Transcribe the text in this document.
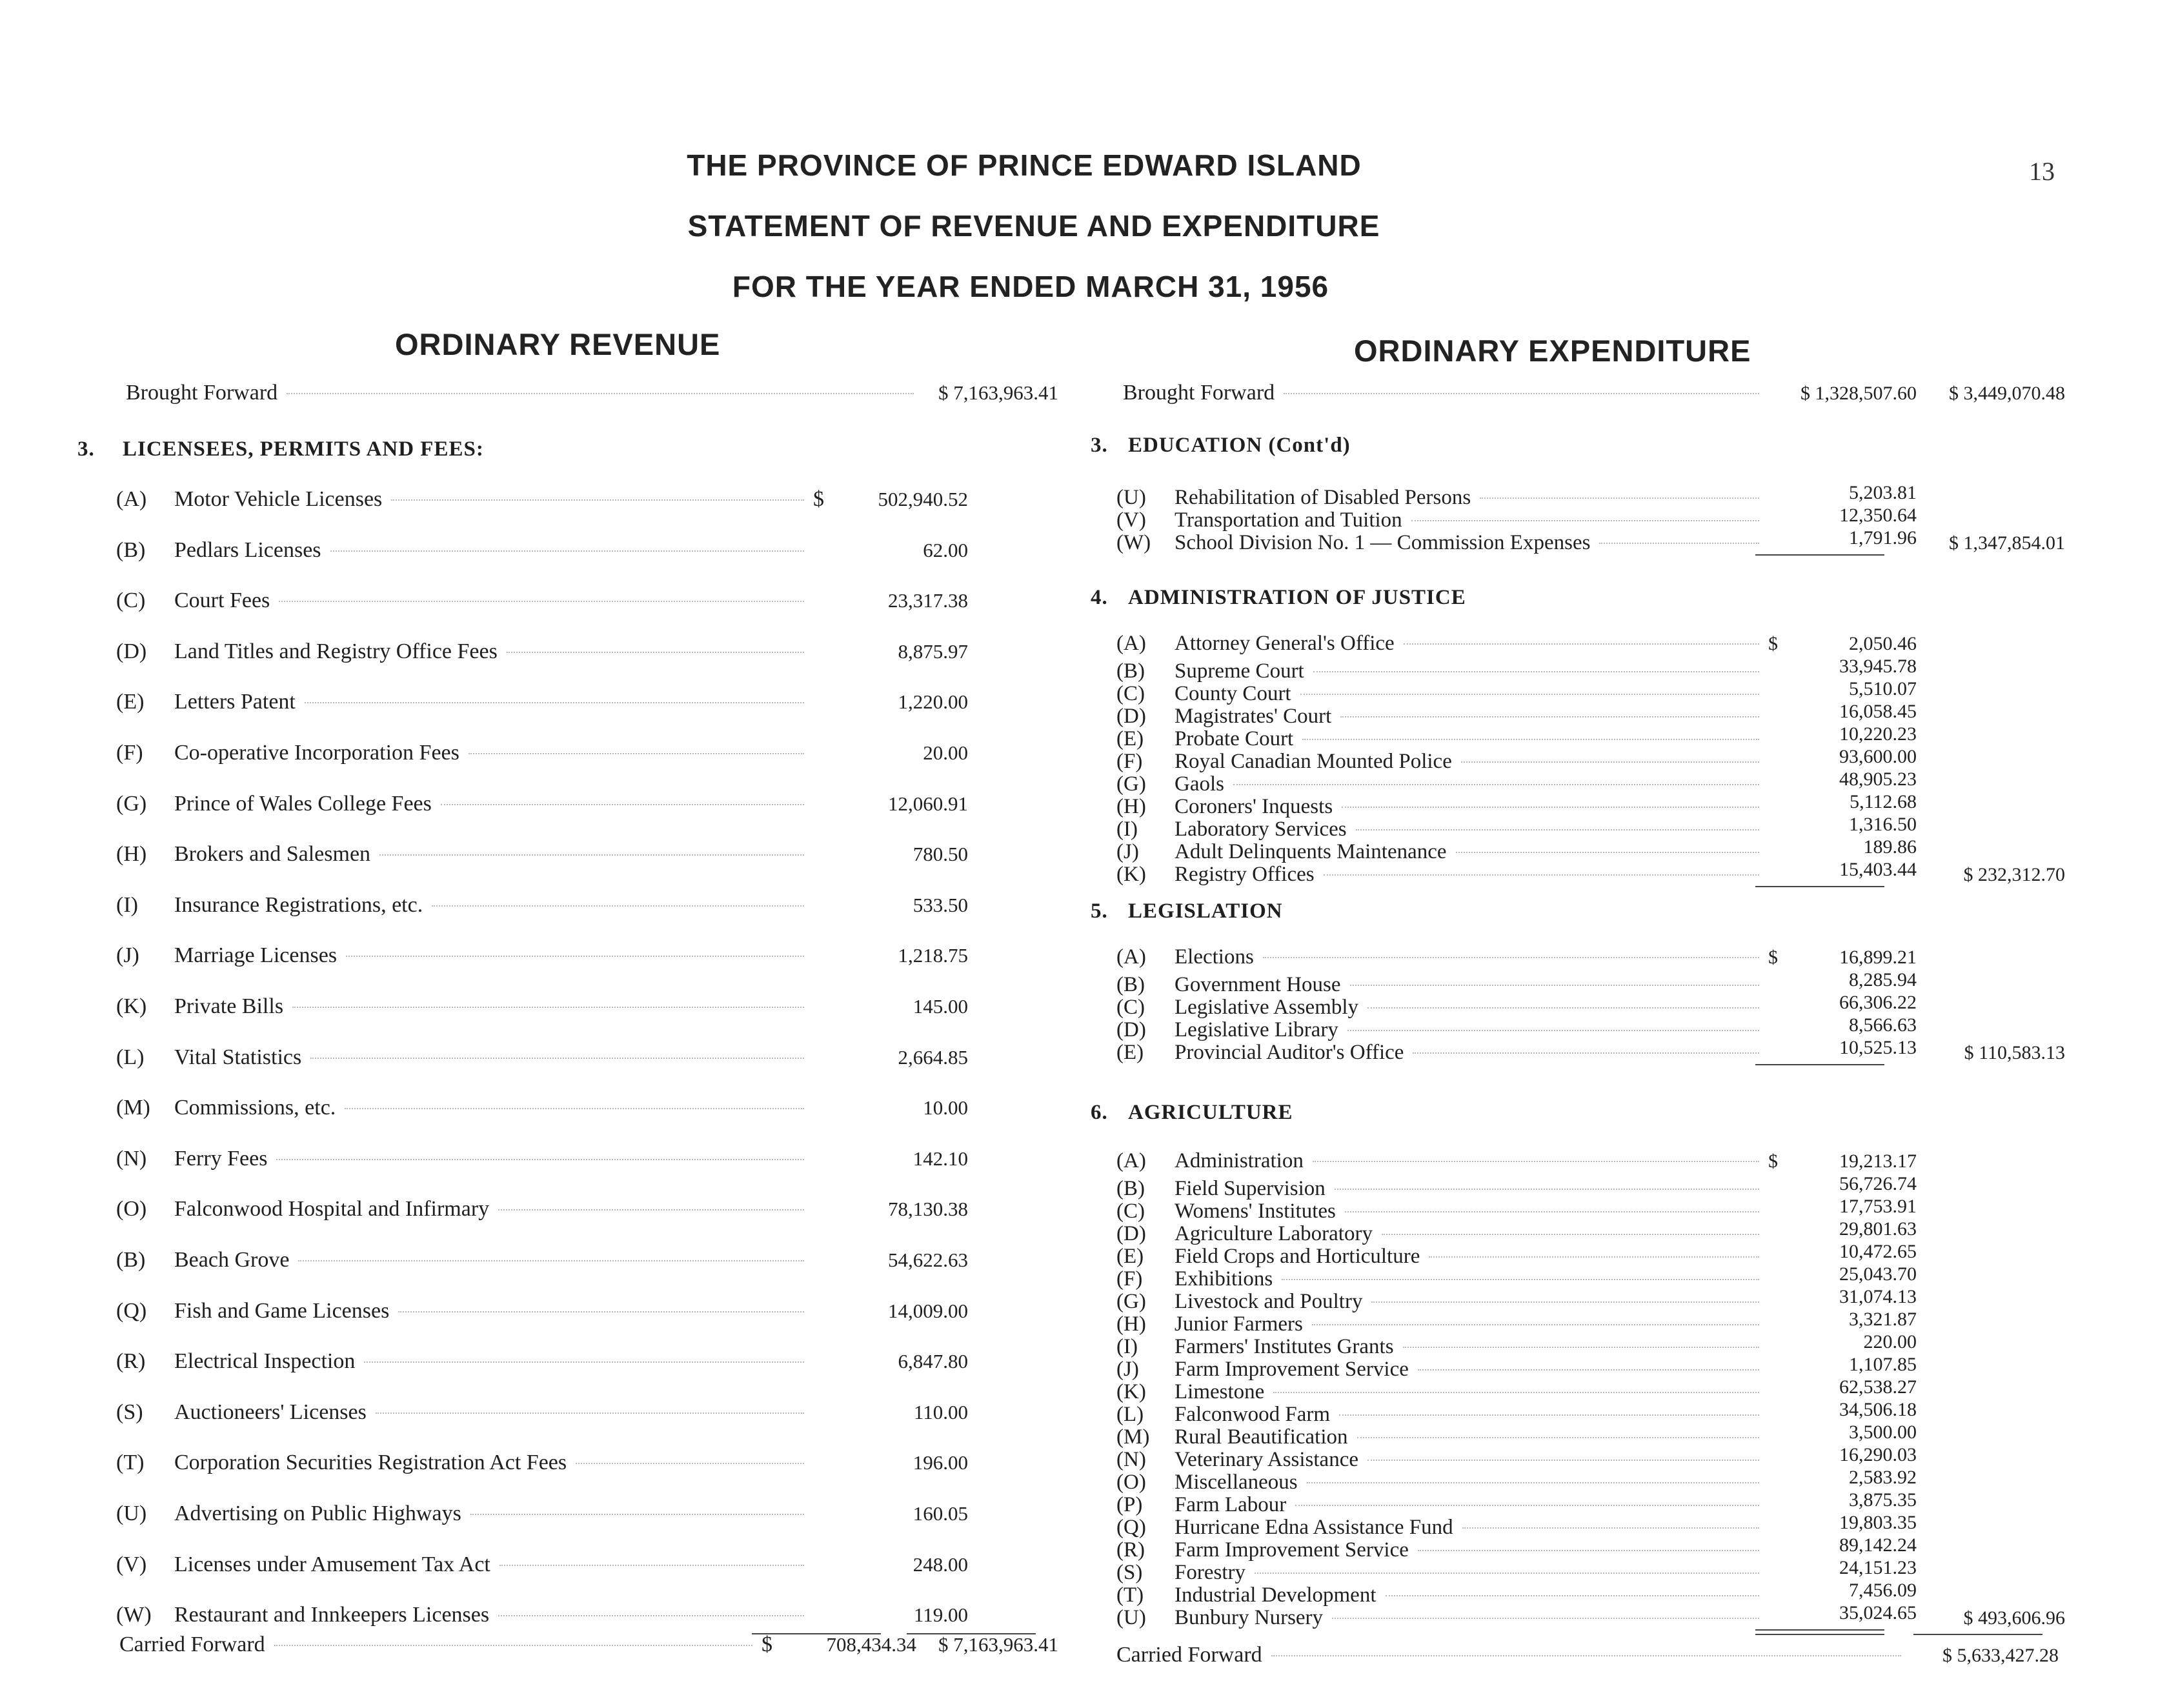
13
THE PROVINCE OF PRINCE EDWARD ISLAND
STATEMENT OF REVENUE AND EXPENDITURE
FOR THE YEAR ENDED MARCH 31, 1956
ORDINARY REVENUE	ORDINARY EXPENDITURE
Brought Forward	$ 7,163,963.41
3.	LICENSEES, PERMITS AND FEES:
(A)	Motor Vehicle Licenses	$	502,940.52
(B)	Pedlars Licenses	62.00
(C)	Court Fees	23,317.38
(D)	Land Titles and Registry Office Fees	8,875.97
(E)	Letters Patent	1,220.00
(F)	Co-operative Incorporation Fees	20.00
(G)	Prince of Wales College Fees	12,060.91
(H)	Brokers and Salesmen	780.50
(I)	Insurance Registrations, etc.	533.50
(J)	Marriage Licenses	1,218.75
(K)	Private Bills	145.00
(L)	Vital Statistics	2,664.85
(M)	Commissions, etc.	10.00
(N)	Ferry Fees	142.10
(O)	Falconwood Hospital and Infirmary	78,130.38
(B)	Beach Grove	54,622.63
(Q)	Fish and Game Licenses	14,009.00
(R)	Electrical Inspection	6,847.80
(S)	Auctioneers' Licenses	110.00
(T)	Corporation Securities Registration Act Fees	196.00
(U)	Advertising on Public Highways	160.05
(V)	Licenses under Amusement Tax Act	248.00
(W)	Restaurant and Innkeepers Licenses	119.00
Carried Forward	$	708,434.34	$ 7,163,963.41
Brought Forward	$ 1,328,507.60	$ 3,449,070.48
3. EDUCATION (Cont'd)
(U)	Rehabilitation of Disabled Persons	5,203.81
(V)	Transportation and Tuition	12,350.64
(W)	School Division No. 1 — Commission Expenses	1,791.96	$ 1,347,854.01
4. ADMINISTRATION OF JUSTICE
(A)	Attorney General's Office	$	2,050.46
(B)	Supreme Court	33,945.78
(C)	County Court	5,510.07
(D)	Magistrates' Court	16,058.45
(E)	Probate Court	10,220.23
(F)	Royal Canadian Mounted Police	93,600.00
(G)	Gaols	48,905.23
(H)	Coroners' Inquests	5,112.68
(I)	Laboratory Services	1,316.50
(J)	Adult Delinquents Maintenance	189.86
(K)	Registry Offices	15,403.44	$ 232,312.70
5. LEGISLATION
(A)	Elections	$	16,899.21
(B)	Government House	8,285.94
(C)	Legislative Assembly	66,306.22
(D)	Legislative Library	8,566.63
(E)	Provincial Auditor's Office	10,525.13	$ 110,583.13
6. AGRICULTURE
(A)	Administration	$	19,213.17
(B)	Field Supervision	56,726.74
(C)	Womens' Institutes	17,753.91
(D)	Agriculture Laboratory	29,801.63
(E)	Field Crops and Horticulture	10,472.65
(F)	Exhibitions	25,043.70
(G)	Livestock and Poultry	31,074.13
(H)	Junior Farmers	3,321.87
(I)	Farmers' Institutes Grants	220.00
(J)	Farm Improvement Service	1,107.85
(K)	Limestone	62,538.27
(L)	Falconwood Farm	34,506.18
(M)	Rural Beautification	3,500.00
(N)	Veterinary Assistance	16,290.03
(O)	Miscellaneous	2,583.92
(P)	Farm Labour	3,875.35
(Q)	Hurricane Edna Assistance Fund	19,803.35
(R)	Farm Improvement Service	89,142.24
(S)	Forestry	24,151.23
(T)	Industrial Development	7,456.09
(U)	Bunbury Nursery	35,024.65	$ 493,606.96
Carried Forward	$ 5,633,427.28
